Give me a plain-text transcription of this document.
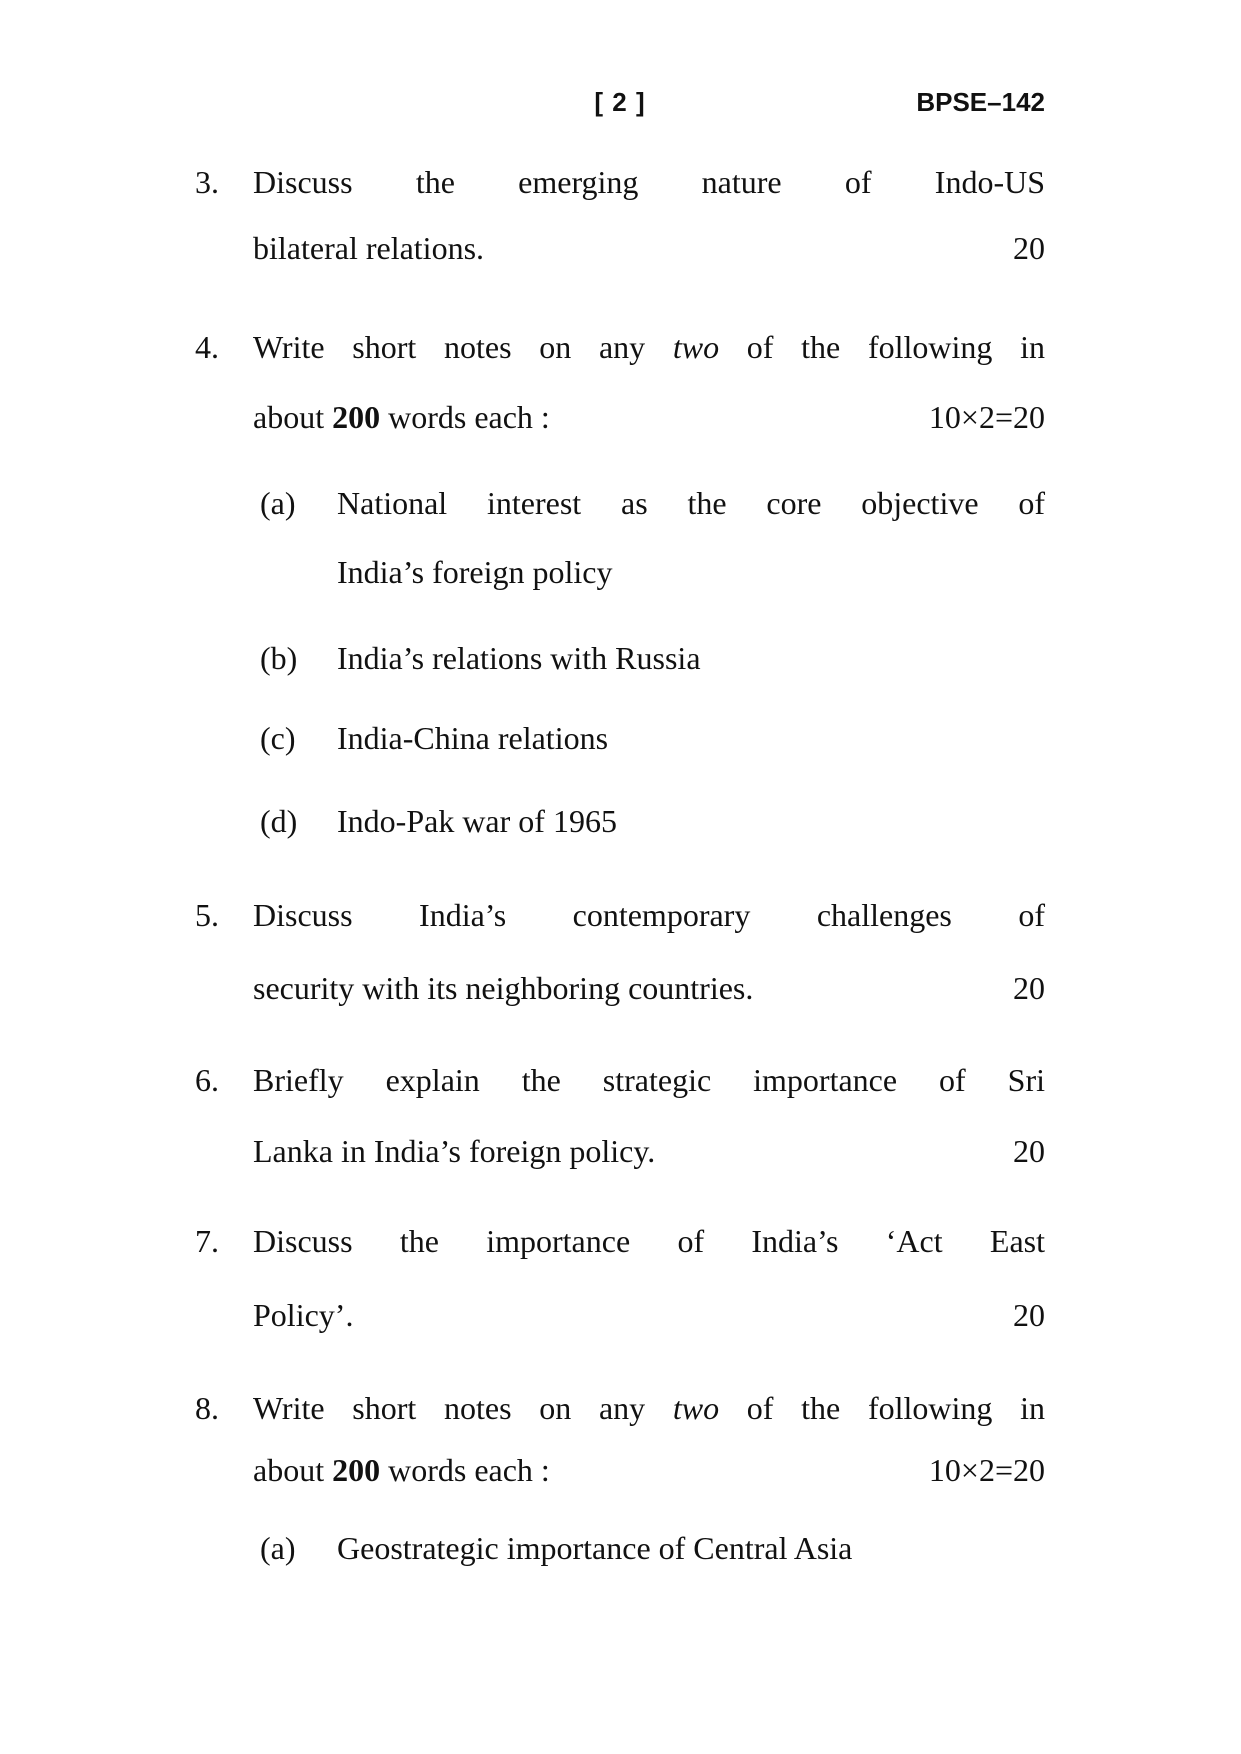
[ 2 ]	BPSE–142
3.	Discuss the emerging nature of Indo-US
bilateral relations.	20
4.	Write short notes on any two of the following in
about 200 words each :	10×2=20
(a)	National interest as the core objective of
India’s foreign policy
(b)	India’s relations with Russia
(c)	India-China relations
(d)	Indo-Pak war of 1965
5.	Discuss India’s contemporary challenges of
security with its neighboring countries.	20
6.	Briefly explain the strategic importance of Sri
Lanka in India’s foreign policy.	20
7.	Discuss the importance of India’s ‘Act East
Policy’.	20
8.	Write short notes on any two of the following in
about 200 words each :	10×2=20
(a)	Geostrategic importance of Central Asia
